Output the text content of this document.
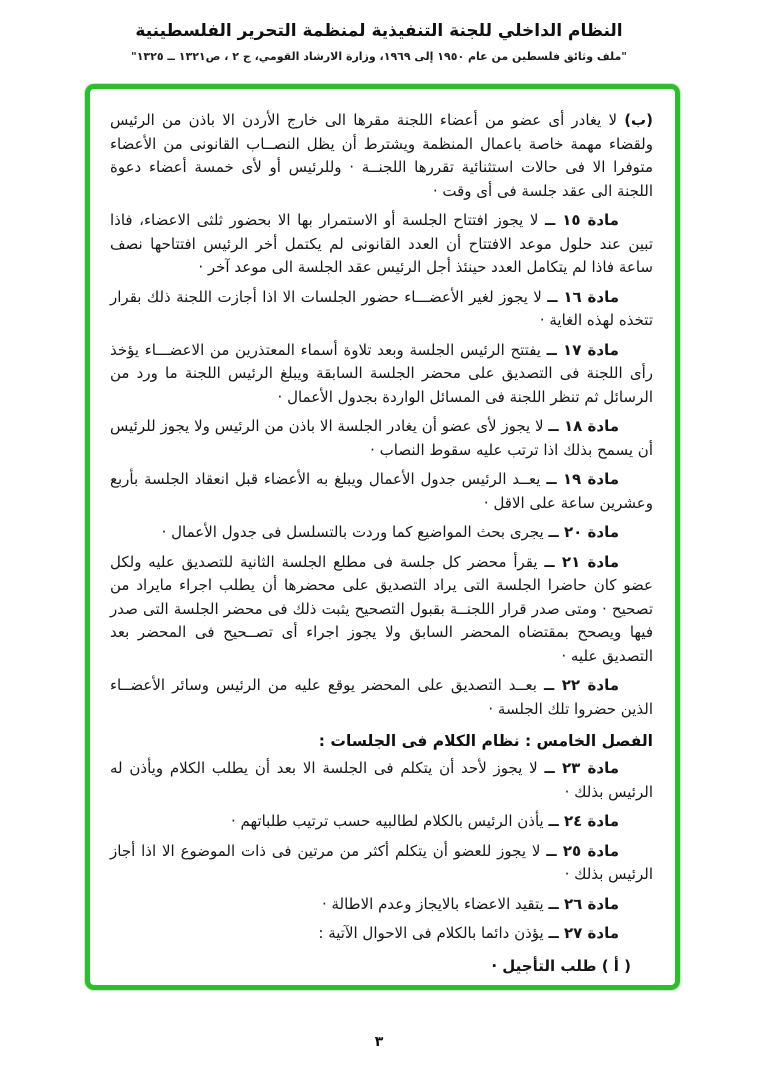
النظام الداخلي للجنة التنفيذية لمنظمة التحرير الفلسطينية
"ملف وثائق فلسطين من عام ١٩٥٠ إلى ١٩٦٩، وزارة الارشاد القومي، ج ٢ ، ص١٣٢١ ــ ١٣٢٥"

(ب) لا يغادر أى عضو من أعضاء اللجنة مقرها الى خارج الأردن الا باذن من الرئيس ولقضاء مهمة خاصة باعمال المنظمة ويشترط أن يظل النصــاب القانونى من الأعضاء متوفرا الا فى حالات استثنائية تقررها اللجنــة · وللرئيس أو لأى خمسة أعضاء دعوة اللجنة الى عقد جلسة فى أى وقت ·

مادة ١٥ ــ لا يجوز افتتاح الجلسة أو الاستمرار بها الا بحضور ثلثى الاعضاء، فاذا تبين عند حلول موعد الافتتاح أن العدد القانونى لم يكتمل أخر الرئيس افتتاحها نصف ساعة فاذا لم يتكامل العدد حينئذ أجل الرئيس عقد الجلسة الى موعد آخر ·

مادة ١٦ ــ لا يجوز لغير الأعضـــاء حضور الجلسات الا اذا أجازت اللجنة ذلك بقرار تتخذه لهذه الغاية ·

مادة ١٧ ــ يفتتح الرئيس الجلسة وبعد تلاوة أسماء المعتذرين من الاعضـــاء يؤخذ رأى اللجنة فى التصديق على محضر الجلسة السابقة ويبلغ الرئيس اللجنة ما ورد من الرسائل ثم تنظر اللجنة فى المسائل الواردة بجدول الأعمال ·

مادة ١٨ ــ لا يجوز لأى عضو أن يغادر الجلسة الا باذن من الرئيس ولا يجوز للرئيس أن يسمح بذلك اذا ترتب عليه سقوط النصاب ·

مادة ١٩ ــ يعــد الرئيس جدول الأعمال ويبلغ به الأعضاء قبل انعقاد الجلسة بأربع وعشرين ساعة على الاقل ·

مادة ٢٠ ــ يجرى بحث المواضيع كما وردت بالتسلسل فى جدول الأعمال ·

مادة ٢١ ــ يقرأ محضر كل جلسة فى مطلع الجلسة الثانية للتصديق عليه ولكل عضو كان حاضرا الجلسة التى يراد التصديق على محضرها أن يطلب اجراء مايراد من تصحيح · ومتى صدر قرار اللجنــة بقبول التصحيح يثبت ذلك فى محضر الجلسة التى صدر فيها ويصحح بمقتضاه المحضر السابق ولا يجوز اجراء أى تصــحيح فى المحضر بعد التصديق عليه ·

مادة ٢٢ ــ بعــد التصديق على المحضر يوقع عليه من الرئيس وسائر الأعضــاء الذين حضروا تلك الجلسة ·

الفصل الخامس : نظام الكلام فى الجلسات :

مادة ٢٣ ــ لا يجوز لأحد أن يتكلم فى الجلسة الا بعد أن يطلب الكلام ويأذن له الرئيس بذلك ·

مادة ٢٤ ــ يأذن الرئيس بالكلام لطالبيه حسب ترتيب طلباتهم ·

مادة ٢٥ ــ لا يجوز للعضو أن يتكلم أكثر من مرتين فى ذات الموضوع الا اذا أجاز الرئيس بذلك ·

مادة ٢٦ ــ يتقيد الاعضاء بالايجاز وعدم الاطالة ·

مادة ٢٧ ــ يؤذن دائما بالكلام فى الاحوال الآتية :

( أ ) طلب التأجيل ·

٣
